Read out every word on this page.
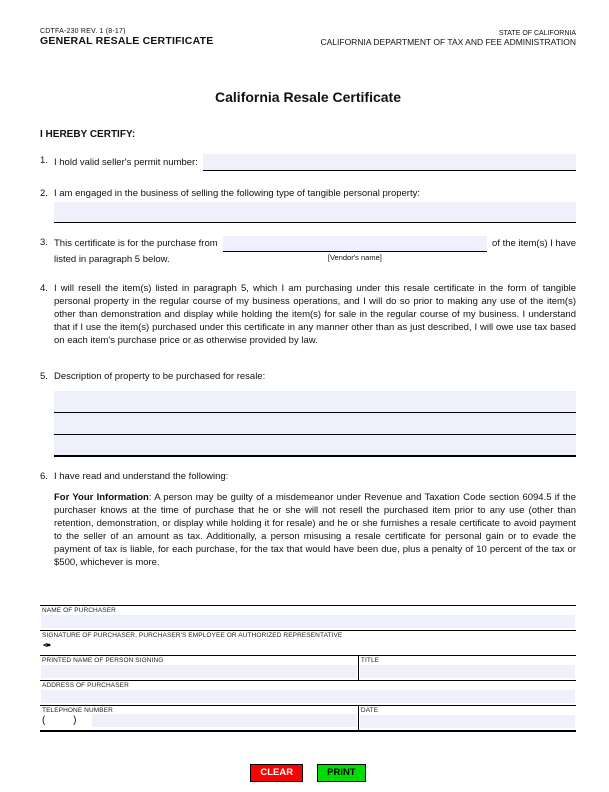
CDTFA-230 REV. 1 (8-17)
GENERAL RESALE CERTIFICATE
STATE OF CALIFORNIA
CALIFORNIA DEPARTMENT OF TAX AND FEE ADMINISTRATION
California Resale Certificate
I HEREBY CERTIFY:
1. I hold valid seller's permit number:
2. I am engaged in the business of selling the following type of tangible personal property:
3. This certificate is for the purchase from
listed in paragraph 5 below.	[Vendor's name]
of the item(s) I have
4. I will resell the item(s) listed in paragraph 5, which I am purchasing under this resale certificate in the form of tangible personal property in the regular course of my business operations, and I will do so prior to making any use of the item(s) other than demonstration and display while holding the item(s) for sale in the regular course of my business. I understand that if I use the item(s) purchased under this certificate in any manner other than as just described, I will owe use tax based on each item's purchase price or as otherwise provided by law.
5. Description of property to be purchased for resale:
6. I have read and understand the following:
For Your Information: A person may be guilty of a misdemeanor under Revenue and Taxation Code section 6094.5 if the purchaser knows at the time of purchase that he or she will not resell the purchased item prior to any use (other than retention, demonstration, or display while holding it for resale) and he or she furnishes a resale certificate to avoid payment to the seller of an amount as tax. Additionally, a person misusing a resale certificate for personal gain or to evade the payment of tax is liable, for each purchase, for the tax that would have been due, plus a penalty of 10 percent of the tax or $500, whichever is more.
NAME OF PURCHASER
SIGNATURE OF PURCHASER, PURCHASER'S EMPLOYEE OR AUTHORIZED REPRESENTATIVE
✒
PRINTED NAME OF PERSON SIGNING	TITLE
ADDRESS OF PURCHASER
TELEPHONE NUMBER
(          )
DATE
CLEAR	PRINT
